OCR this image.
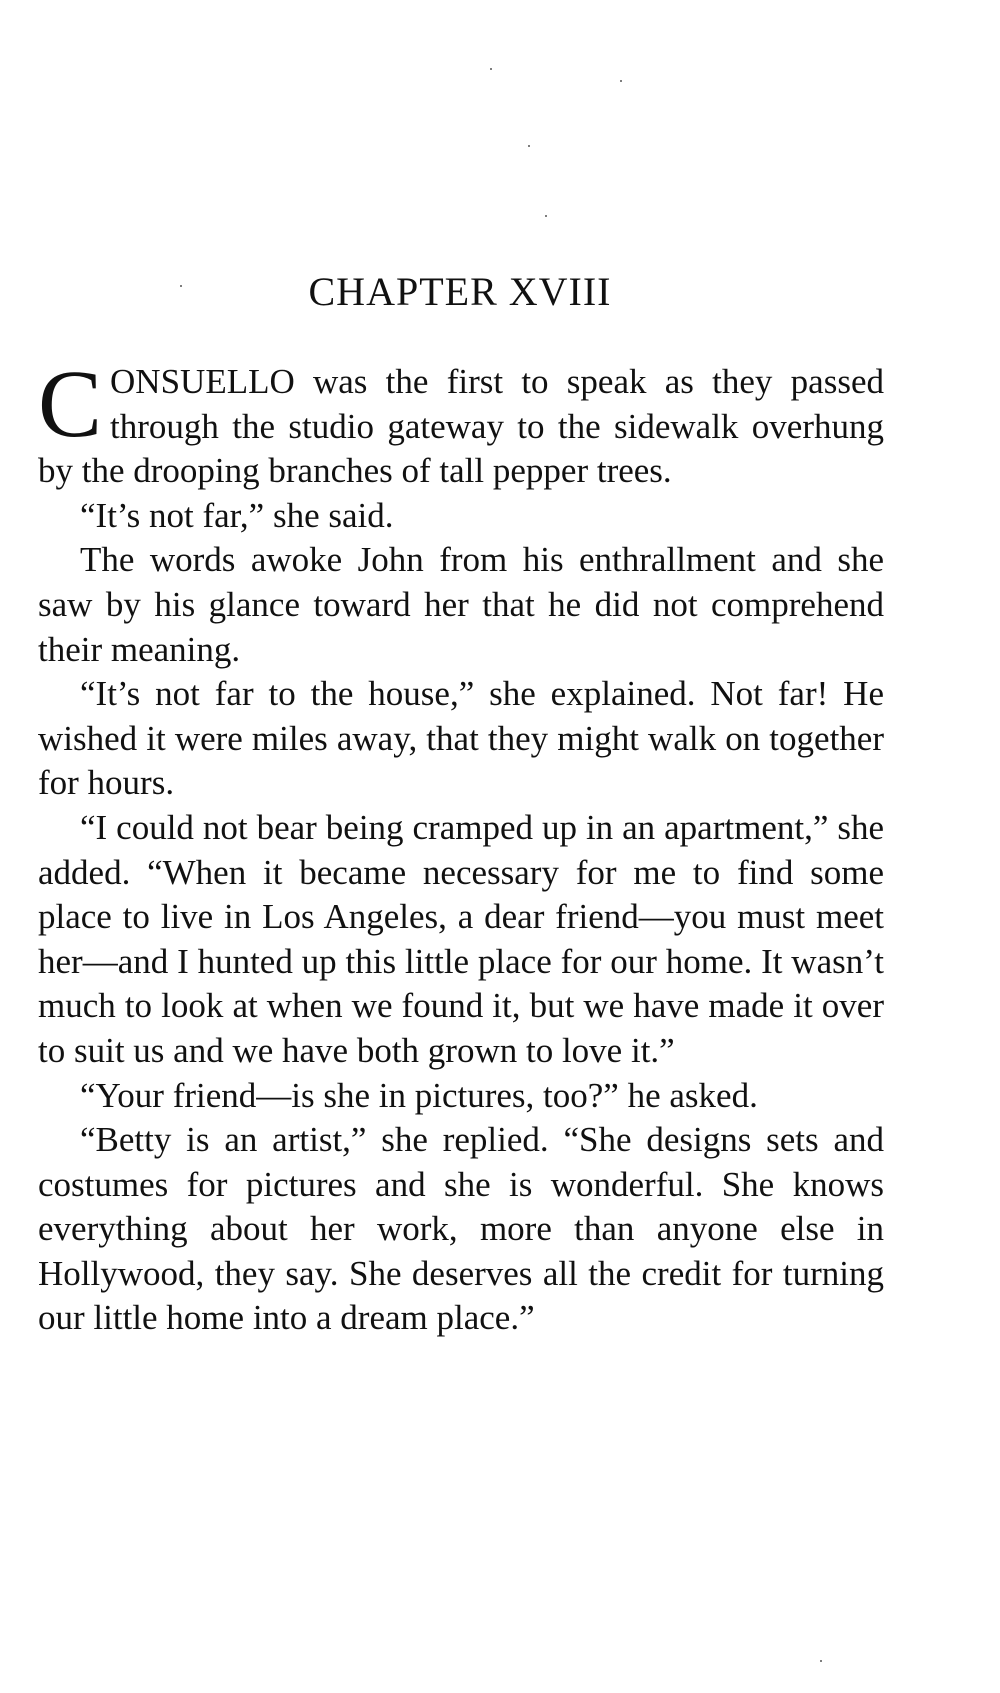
CHAPTER XVIII

CONSUELLO was the first to speak as they passed through the studio gateway to the sidewalk overhung by the drooping branches of tall pepper trees.

“It’s not far,” she said.

The words awoke John from his enthrallment and she saw by his glance toward her that he did not comprehend their meaning.

“It’s not far to the house,” she explained. Not far! He wished it were miles away, that they might walk on together for hours.

“I could not bear being cramped up in an apartment,” she added. “When it became necessary for me to find some place to live in Los Angeles, a dear friend—you must meet her—and I hunted up this little place for our home. It wasn’t much to look at when we found it, but we have made it over to suit us and we have both grown to love it.”

“Your friend—is she in pictures, too?” he asked.

“Betty is an artist,” she replied. “She designs sets and costumes for pictures and she is wonderful. She knows everything about her work, more than anyone else in Hollywood, they say. She deserves all the credit for turning our little home into a dream place.”
